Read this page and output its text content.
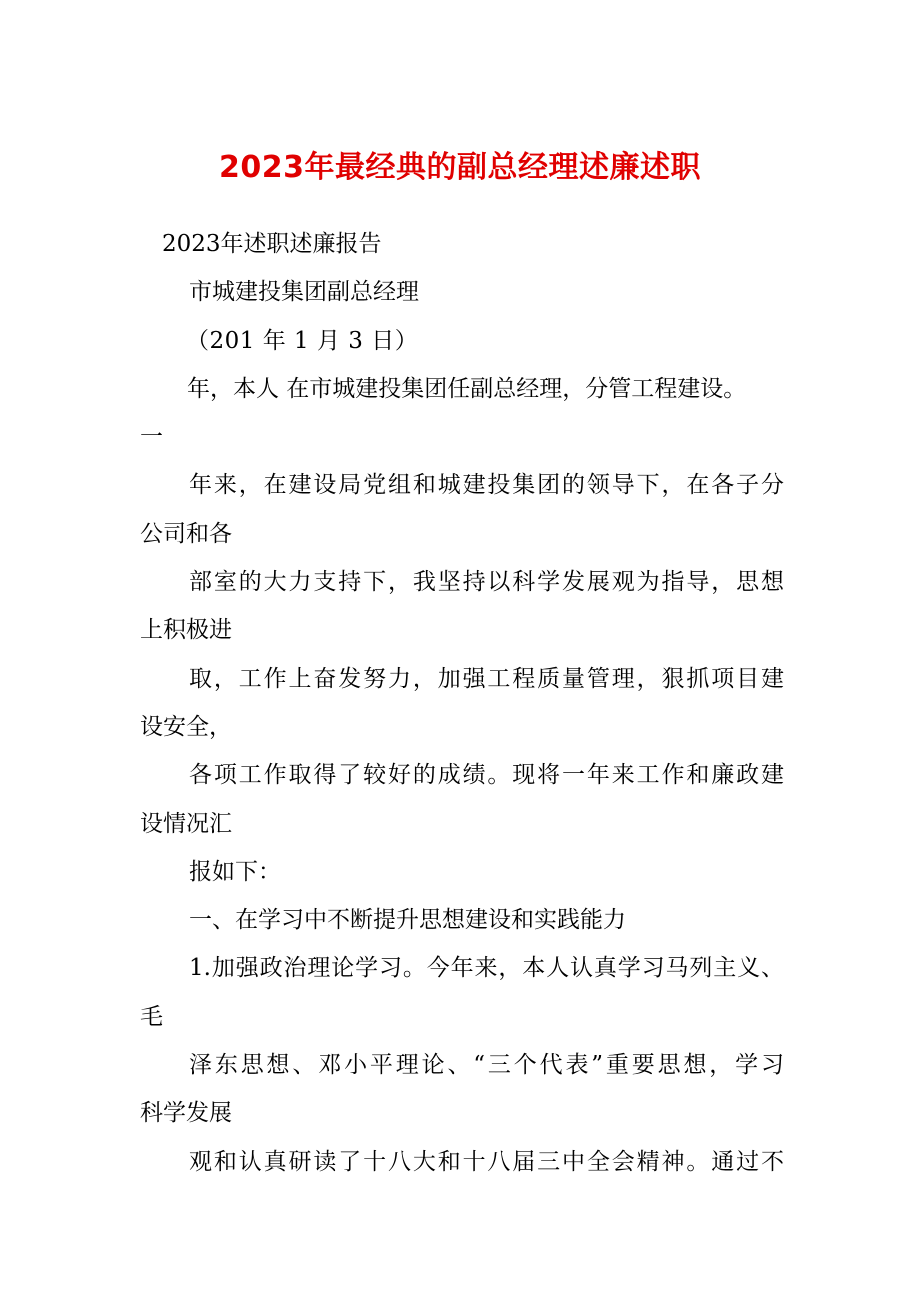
2023年最经典的副总经理述廉述职
2023年述职述廉报告
市城建投集团副总经理
（201 年 1 月 3 日）
年，本人 在市城建投集团任副总经理，分管工程建设。
一
年来，在建设局党组和城建投集团的领导下，在各子分
公司和各
部室的大力支持下，我坚持以科学发展观为指导，思想
上积极进
取，工作上奋发努力，加强工程质量管理，狠抓项目建
设安全，
各项工作取得了较好的成绩。现将一年来工作和廉政建
设情况汇
报如下：
一、在学习中不断提升思想建设和实践能力
1.加强政治理论学习。今年来，本人认真学习马列主义、
毛
泽东思想、邓小平理论、“三个代表”重要思想，学习
科学发展
观和认真研读了十八大和十八届三中全会精神。通过不
